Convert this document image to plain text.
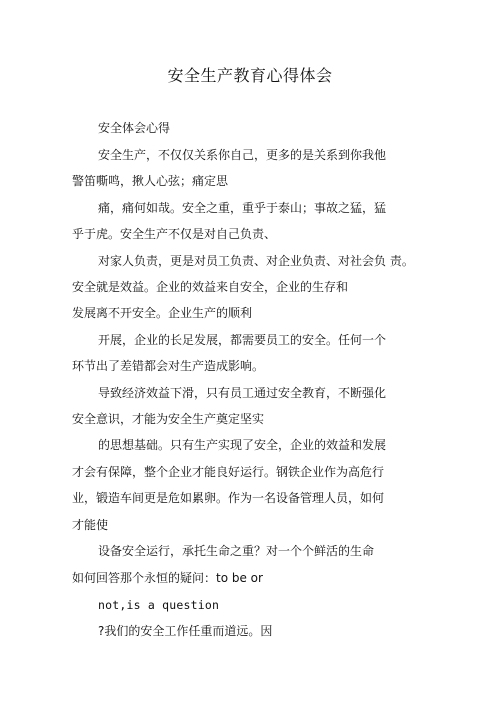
安全生产教育心得体会
安全体会心得
安全生产，不仅仅关系你自己，更多的是关系到你我他
警笛嘶鸣，揪人心弦；痛定思
痛，痛何如哉。安全之重，重乎于泰山；事故之猛，猛
乎于虎。安全生产不仅是对自己负责、
对家人负责，更是对员工负责、对企业负责、对社会负 责。
安全就是效益。企业的效益来自安全，企业的生存和
发展离不开安全。企业生产的顺利
开展，企业的长足发展，都需要员工的安全。任何一个
环节出了差错都会对生产造成影响。
导致经济效益下滑，只有员工通过安全教育，不断强化
安全意识，才能为安全生产奠定坚实
的思想基础。只有生产实现了安全，企业的效益和发展
才会有保障，整个企业才能良好运行。钢铁企业作为高危行
业，锻造车间更是危如累卵。作为一名设备管理人员，如何
才能使
设备安全运行，承托生命之重？对一个个鲜活的生命
如何回答那个永恒的疑问：to be or
not,is a question
?我们的安全工作任重而道远。因
